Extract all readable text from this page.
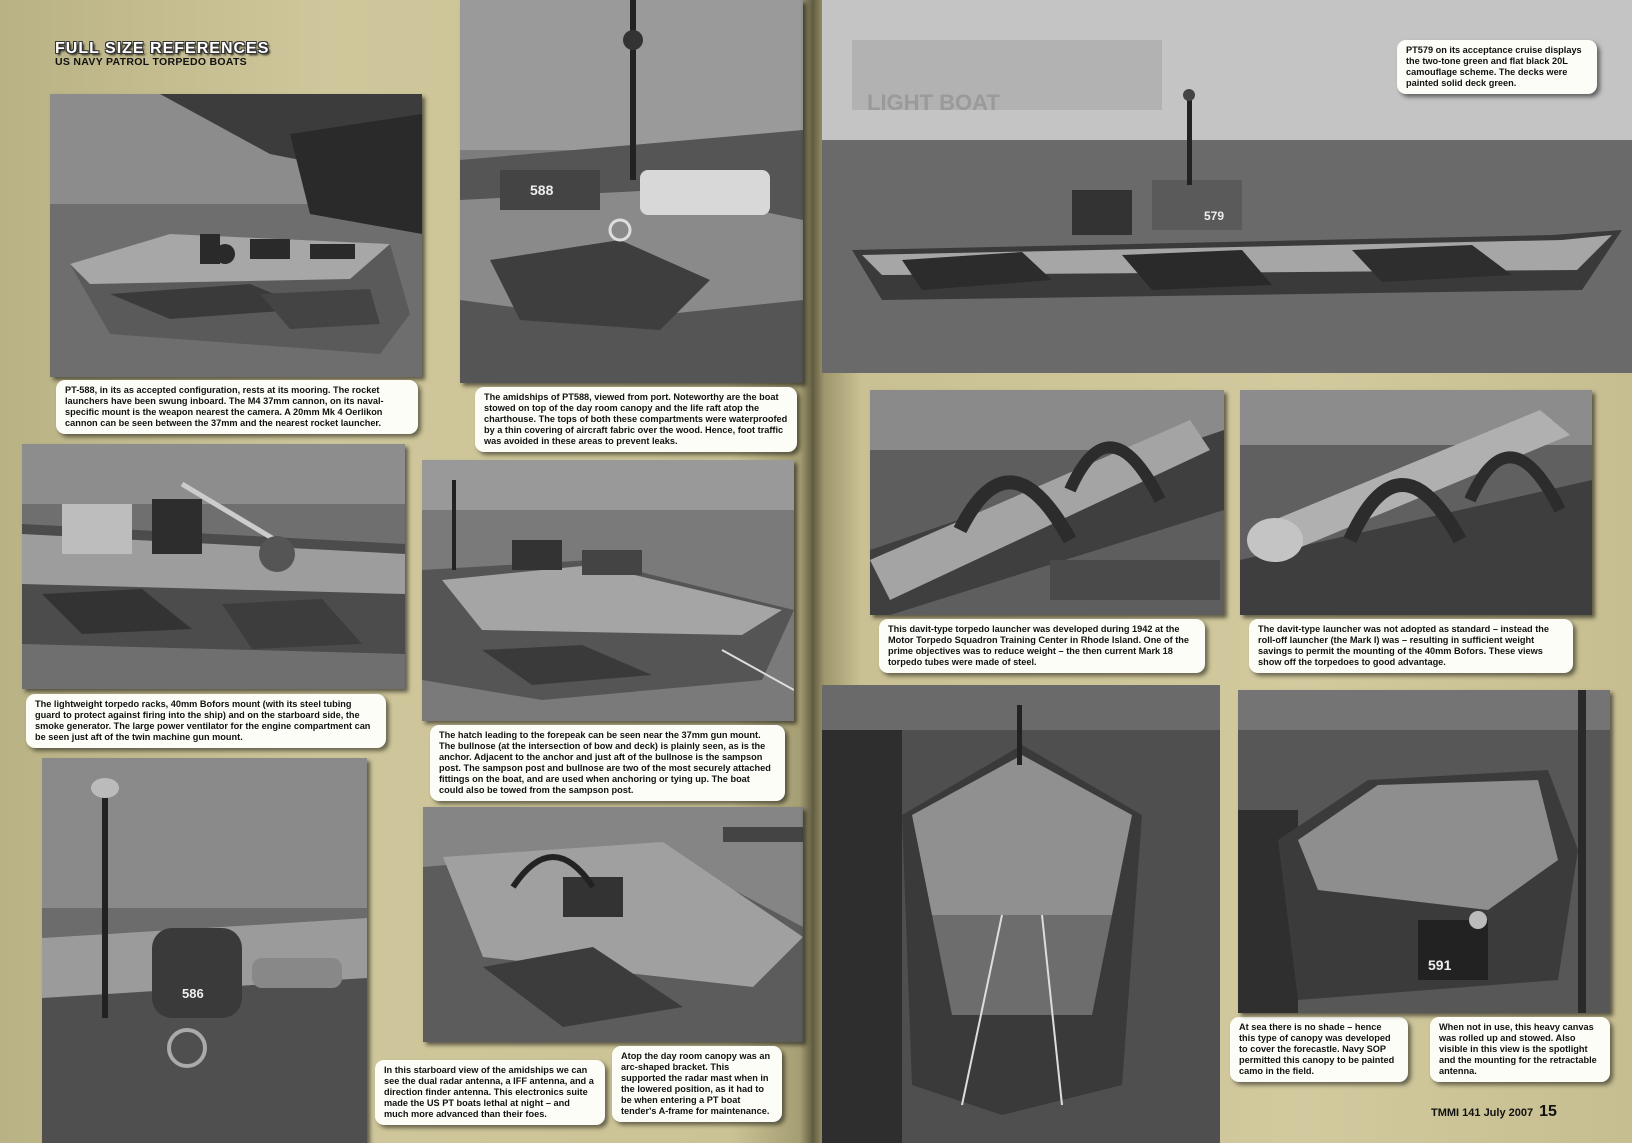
FULL SIZE REFERENCES
US NAVY PATROL TORPEDO BOATS
PT-588, in its as accepted configuration, rests at its mooring. The rocket launchers have been swung inboard. The M4 37mm cannon, on its naval-specific mount is the weapon nearest the camera. A 20mm Mk 4 Oerlikon cannon can be seen between the 37mm and the nearest rocket launcher.
588
The amidships of PT588, viewed from port. Noteworthy are the boat stowed on top of the day room canopy and the life raft atop the charthouse. The tops of both these compartments were waterproofed by a thin covering of aircraft fabric over the wood. Hence, foot traffic was avoided in these areas to prevent leaks.
The lightweight torpedo racks, 40mm Bofors mount (with its steel tubing guard to protect against firing into the ship) and on the starboard side, the smoke generator. The large power ventilator for the engine compartment can be seen just aft of the twin machine gun mount.	The hatch leading to the forepeak can be seen near the 37mm gun mount. The bullnose (at the intersection of bow and deck) is plainly seen, as is the anchor. Adjacent to the anchor and just aft of the bullnose is the sampson post. The sampson post and bullnose are two of the most securely attached fittings on the boat, and are used when anchoring or tying up. The boat could also be towed from the sampson post.
586
In this starboard view of the amidships we can see the dual radar antenna, a IFF antenna, and a direction finder antenna. This electronics suite made the US PT boats lethal at night – and much more advanced than their foes.
Atop the day room canopy was an arc-shaped bracket. This supported the radar mast when in the lowered position, as it had to be when entering a PT boat tender's A-frame for maintenance.
LIGHT BOAT
579
PT579 on its acceptance cruise displays the two-tone green and flat black 20L camouflage scheme. The decks were painted solid deck green.
This davit-type torpedo launcher was developed during 1942 at the Motor Torpedo Squadron Training Center in Rhode Island. One of the prime objectives was to reduce weight – the then current Mark 18 torpedo tubes were made of steel.
The davit-type launcher was not adopted as standard – instead the roll-off launcher (the Mark I) was – resulting in sufficient weight savings to permit the mounting of the 40mm Bofors. These views show off the torpedoes to good advantage.
At sea there is no shade – hence this type of canopy was developed to cover the forecastle. Navy SOP permitted this canopy to be painted camo in the field.
591
When not in use, this heavy canvas was rolled up and stowed. Also visible in this view is the spotlight and the mounting for the retractable antenna.
TMMI 141 July 2007 15
